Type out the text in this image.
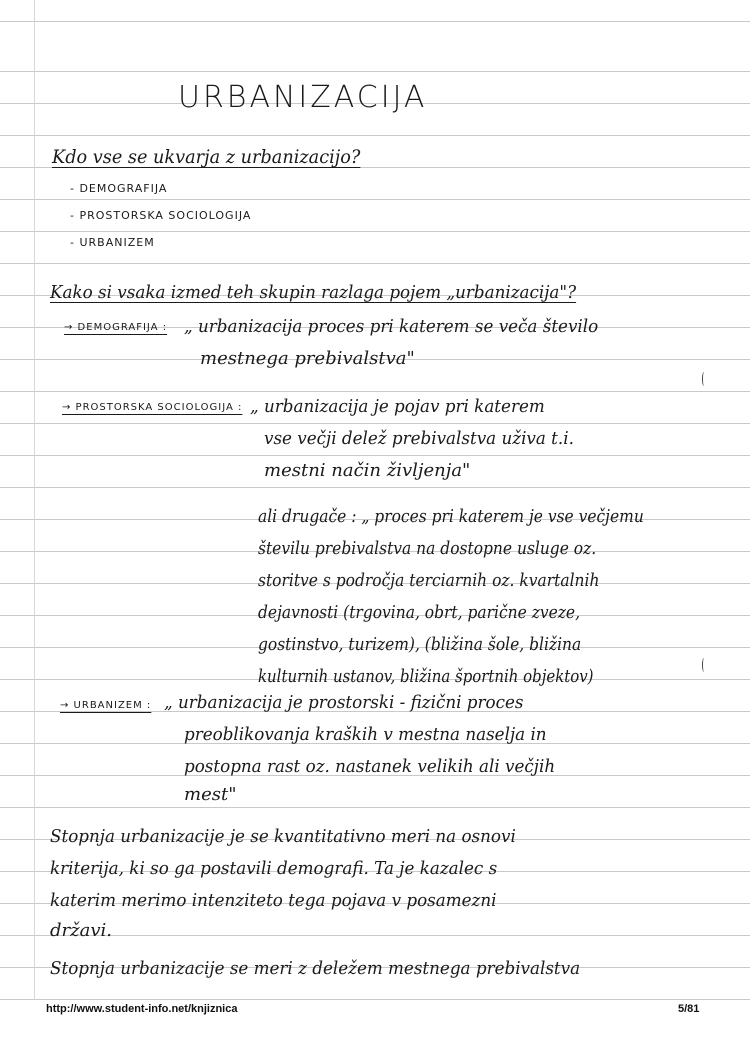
URBANIZACIJA
Kdo vse se ukvarja z urbanizacijo?
- DEMOGRAFIJA
- PROSTORSKA SOCIOLOGIJA
- URBANIZEM
Kako si vsaka izmed teh skupin razlaga pojem „urbanizacija"?
→ DEMOGRAFIJA : „ urbanizacija proces pri katerem se veča število
mestnega prebivalstva"
→ PROSTORSKA SOCIOLOGIJA : „ urbanizacija je pojav pri katerem
vse večji delež prebivalstva uživa t.i.
mestni način življenja"
ali drugače : „ proces pri katerem je vse večjemu
številu prebivalstva na dostopne usluge oz.
storitve s področja terciarnih oz. kvartalnih
dejavnosti (trgovina, obrt, parične zveze,
gostinstvo, turizem), (bližina šole, bližina
kulturnih ustanov, bližina športnih objektov)
→ URBANIZEM : „ urbanizacija je prostorski - fizični proces
preoblikovanja kraških v mestna naselja in
postopna rast oz. nastanek velikih ali večjih
mest"
Stopnja urbanizacije je se kvantitativno meri na osnovi
kriterija, ki so ga postavili demografi. Ta je kazalec s
katerim merimo intenziteto tega pojava v posamezni
državi.
Stopnja urbanizacije se meri z deležem mestnega prebivalstva
http://www.student-info.net/knjiznica	5/81
